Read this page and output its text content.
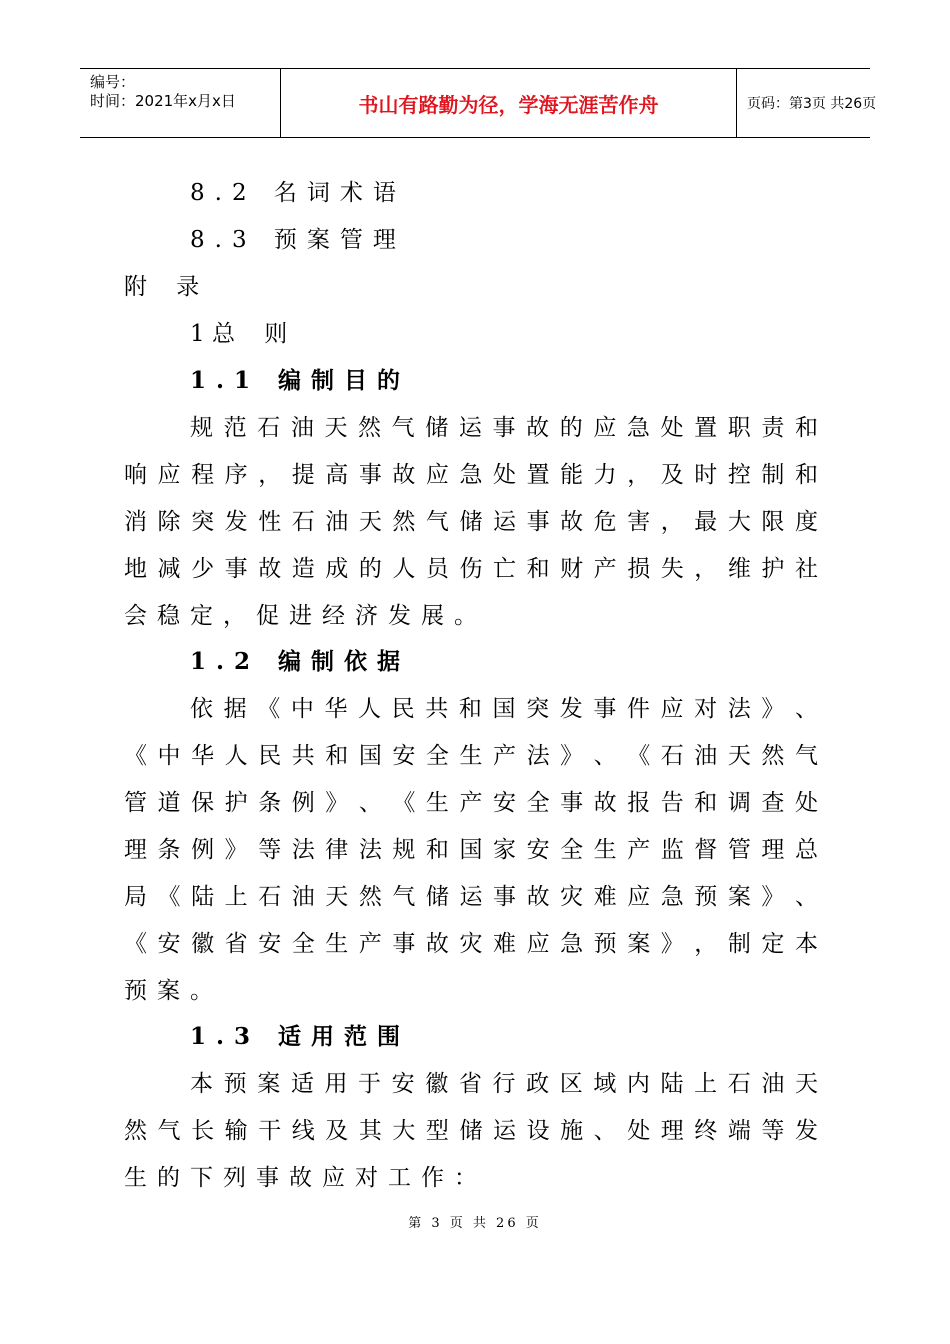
编号：
时间：2021年x月x日	书山有路勤为径，学海无涯苦作舟	页码：第3页 共26页
8.2 名词术语
8.3 预案管理
附    录
1 总    则
1.1 编制目的
规 范 石 油 天 然 气 储 运 事 故 的 应 急 处 置 职 责 和
响 应 程 序 ， 提 高 事 故 应 急 处 置 能 力 ， 及 时 控 制 和
消 除 突 发 性 石 油 天 然 气 储 运 事 故 危 害 ， 最 大 限 度
地 减 少 事 故 造 成 的 人 员 伤 亡 和 财 产 损 失 ， 维 护 社
会稳定，促进经济发展。
1.2 编制依据
依 据 《 中 华 人 民 共 和 国 突 发 事 件 应 对 法 》 、
《 中 华 人 民 共 和 国 安 全 生 产 法 》 、 《 石 油 天 然 气
管 道 保 护 条 例 》 、 《 生 产 安 全 事 故 报 告 和 调 查 处
理 条 例 》 等 法 律 法 规 和 国 家 安 全 生 产 监 督 管 理 总
局 《 陆 上 石 油 天 然 气 储 运 事 故 灾 难 应 急 预 案 》 、
《 安 徽 省 安 全 生 产 事 故 灾 难 应 急 预 案 》 ， 制 定 本
预案。
1.3 适用范围
本 预 案 适 用 于 安 徽 省 行 政 区 域 内 陆 上 石 油 天
然 气 长 输 干 线 及 其 大 型 储 运 设 施 、 处 理 终 端 等 发
生的下列事故应对工作：
第 3 页 共 26 页
